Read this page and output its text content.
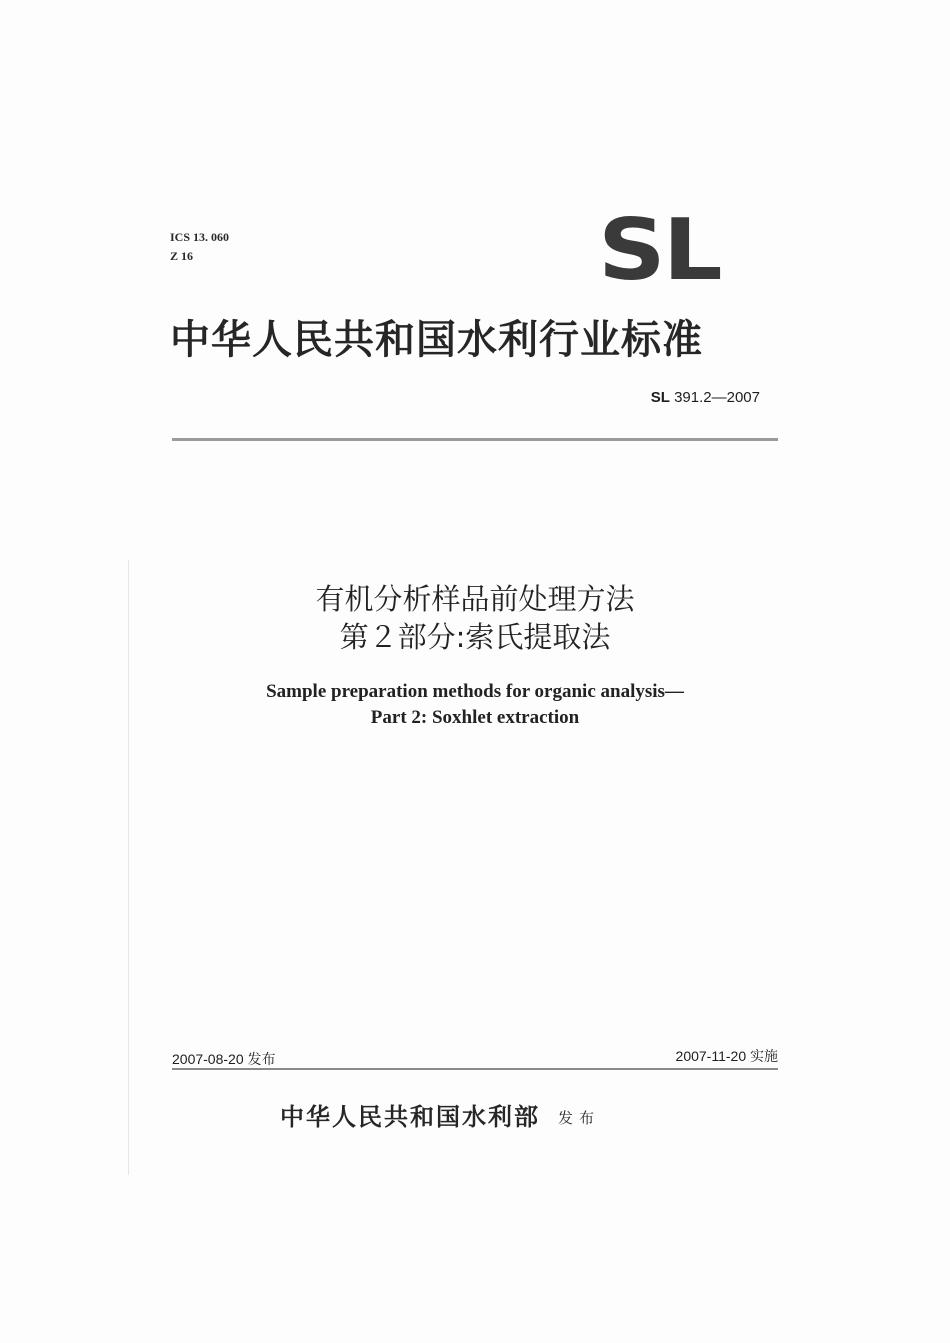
ICS 13. 060
Z 16	SL
中华人民共和国水利行业标准
SL 391.2—2007
有机分析样品前处理方法
第２部分:索氏提取法
Sample preparation methods for organic analysis—
Part 2: Soxhlet extraction
2007-08-20 发布	2007-11-20 实施
中华人民共和国水利部 发布
